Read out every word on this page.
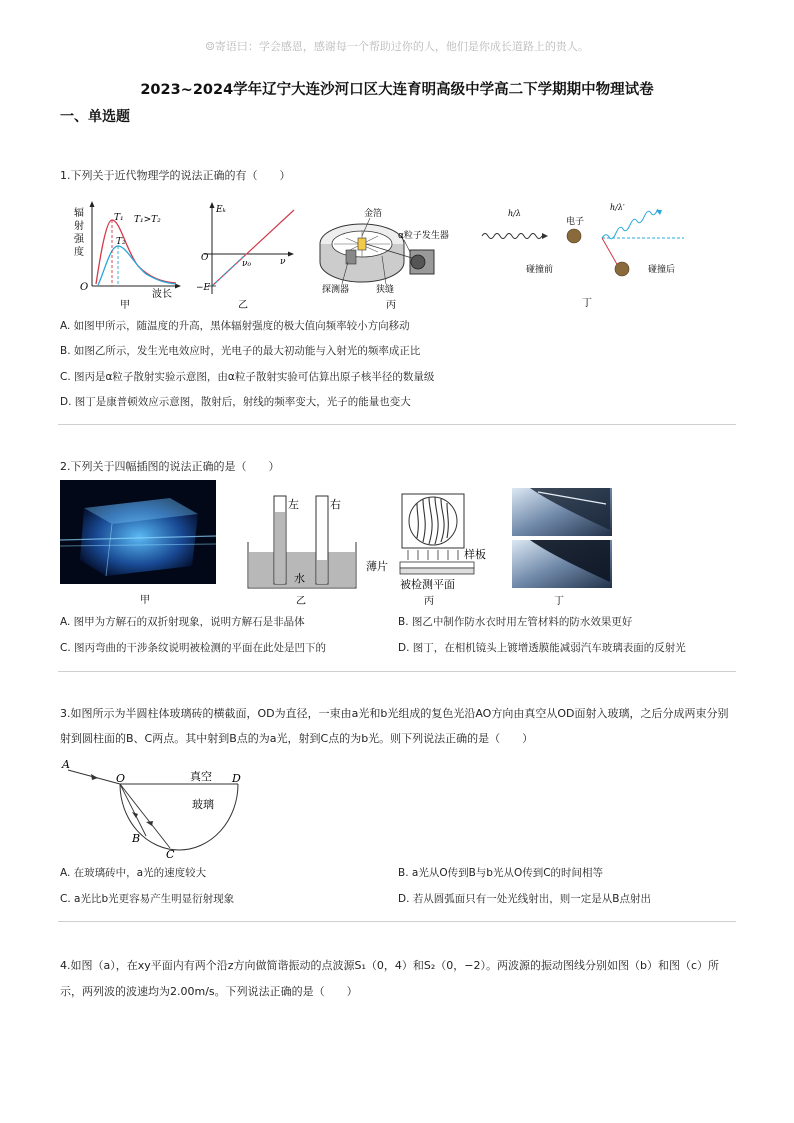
☺寄语曰：学会感恩，感谢每一个帮助过你的人，他们是你成长道路上的贵人。
2023~2024学年辽宁大连沙河口区大连育明高级中学高二下学期期中物理试卷
一、单选题
1.下列关于近代物理学的说法正确的有（　　）
辐
射
强
度
O
T₁
T₂
T₁>T₂
波长
甲
Eₖ
O
ν₀	ν
−E
乙
金箔
α粒子发生器
探测器	狭缝
丙
h/λ
电子
碰撞前
h/λ′
碰撞后
丁
A. 如图甲所示，随温度的升高，黑体辐射强度的极大值向频率较小方向移动
B. 如图乙所示，发生光电效应时，光电子的最大初动能与入射光的频率成正比
C. 图丙是α粒子散射实验示意图，由α粒子散射实验可估算出原子核半径的数量级
D. 图丁是康普顿效应示意图，散射后，射线的频率变大，光子的能量也变大
2.下列关于四幅插图的说法正确的是（　　）
甲
左	右
水
乙
薄片
样板
被检测平面
丙	丁
A. 图甲为方解石的双折射现象，说明方解石是非晶体	B. 图乙中制作防水衣时用左管材料的防水效果更好
C. 图丙弯曲的干涉条纹说明被检测的平面在此处是凹下的	D. 图丁，在相机镜头上镀增透膜能减弱汽车玻璃表面的反射光
3.如图所示为半圆柱体玻璃砖的横截面，OD为直径，一束由a光和b光组成的复色光沿AO方向由真空从OD面射入玻璃，之后分成两束分别
射到圆柱面的B、C两点。其中射到B点的为a光，射到C点的为b光。则下列说法正确的是（　　）
A
O	D
B
C
真空
玻璃
A. 在玻璃砖中，a光的速度较大	B. a光从O传到B与b光从O传到C的时间相等
C. a光比b光更容易产生明显衍射现象	D. 若从圆弧面只有一处光线射出，则一定是从B点射出
4.如图（a），在xy平面内有两个沿z方向做简谐振动的点波源S₁（0，4）和S₂（0，−2）。两波源的振动图线分别如图（b）和图（c）所
示，两列波的波速均为2.00m/s。下列说法正确的是（　　）
